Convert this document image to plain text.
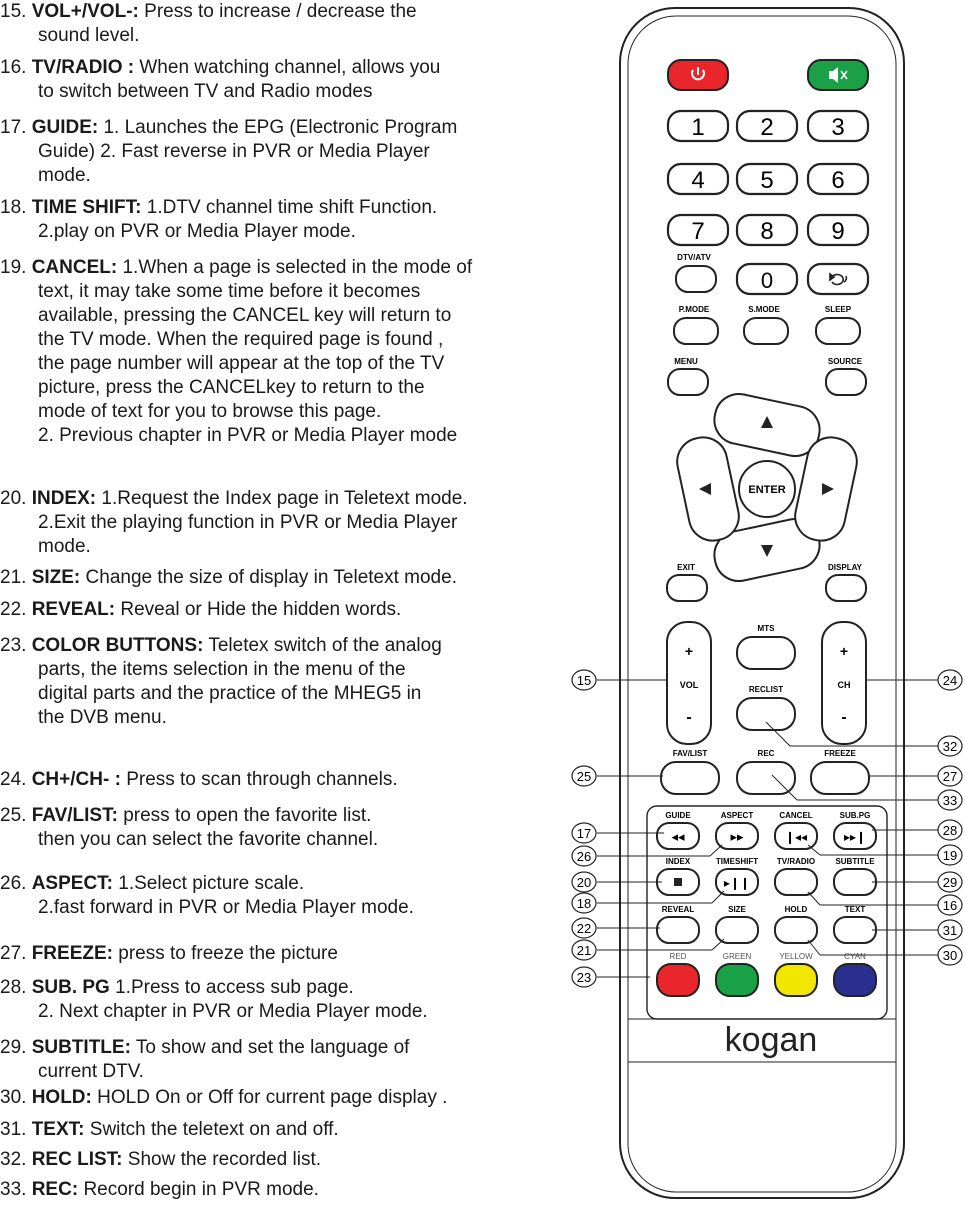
15. VOL+/VOL-: Press to increase / decrease the
sound level.
16. TV/RADIO : When watching channel, allows you
to switch between TV and Radio modes
17. GUIDE: 1. Launches the EPG (Electronic Program
Guide) 2. Fast reverse in PVR or Media Player
mode.
18. TIME SHIFT: 1.DTV channel time shift Function.
2.play on PVR or Media Player mode.
19. CANCEL: 1.When a page is selected in the mode of
text, it may take some time before it becomes
available, pressing the CANCEL key will return to
the TV mode. When the required page is found ,
the page number will appear at the top of the TV
picture, press the CANCELkey to return to the
mode of text for you to browse this page.
2. Previous chapter in PVR or Media Player mode
20. INDEX: 1.Request the Index page in Teletext mode.
2.Exit the playing function in PVR or Media Player
mode.
21. SIZE: Change the size of display in Teletext mode.
22. REVEAL: Reveal or Hide the hidden words.
23. COLOR BUTTONS: Teletex switch of the analog
parts, the items selection in the menu of the
digital parts and the practice of the MHEG5 in
the DVB menu.
24. CH+/CH- : Press to scan through channels.
25. FAV/LIST: press to open the favorite list.
then you can select the favorite channel.
26. ASPECT: 1.Select picture scale.
2.fast forward in PVR or Media Player mode.
27. FREEZE: press to freeze the picture
28. SUB. PG 1.Press to access sub page.
2. Next chapter in PVR or Media Player mode.
29. SUBTITLE: To show and set the language of
current DTV.
30. HOLD: HOLD On or Off for current page display .
31. TEXT: Switch the teletext on and off.
32. REC LIST: Show the recorded list.
33. REC: Record begin in PVR mode.
1 2 3
4 5 6
7 8 9
DTV/ATV
0
P.MODE	S.MODE	SLEEP
MENU	SOURCE
ENTER
EXIT	DISPLAY
+
VOL
-
+
CH
-
MTS
RECLIST
FAV/LIST	REC	FREEZE
GUIDE
◂◂
ASPECT
▸▸
CANCEL
❙◂◂
SUB.PG
▸▸❙
INDEX	TIMESHIFT
▸❙❙
TV/RADIO	SUBTITLE
REVEAL	SIZE	HOLD	TEXT
RED	GREEN	YELLOW	CYAN
kogan
15
25
17
26
20
18
22
21
23
24
32
27
33
28
19
29
16
31
30
